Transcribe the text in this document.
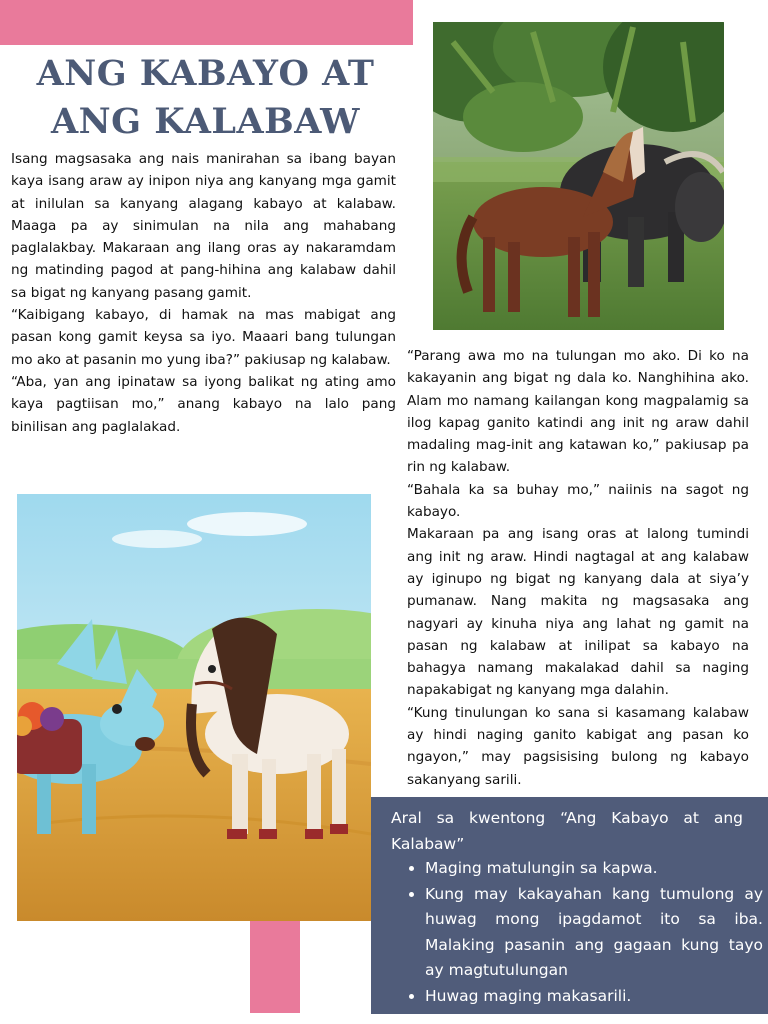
ANG KABAYO AT
ANG KALABAW

Isang magsasaka ang nais manirahan sa ibang bayan kaya isang araw ay inipon niya ang kanyang mga gamit at inilulan sa kanyang alagang kabayo at kalabaw. Maaga pa ay sinimulan na nila ang mahabang paglalakbay. Makaraan ang ilang oras ay nakaramdam ng matinding pagod at pang-hihina ang kalabaw dahil sa bigat ng kanyang pasang gamit.

“Kaibigang kabayo, di hamak na mas mabigat ang pasan kong gamit keysa sa iyo. Maaari bang tulungan mo ako at pasanin mo yung iba?” pakiusap ng kalabaw.

“Aba, yan ang ipinataw sa iyong balikat ng ating amo kaya pagtiisan mo,” anang kabayo na lalo pang binilisan ang paglalakad.

“Parang awa mo na tulungan mo ako. Di ko na kakayanin ang bigat ng dala ko. Nanghihina ako. Alam mo namang kailangan kong magpalamig sa ilog kapag ganito katindi ang init ng araw dahil madaling mag-init ang katawan ko,” pakiusap pa rin ng kalabaw.

“Bahala ka sa buhay mo,” naiinis na sagot ng kabayo.

Makaraan pa ang isang oras at lalong tumindi ang init ng araw. Hindi nagtagal at ang kalabaw ay iginupo ng bigat ng kanyang dala at siya’y pumanaw. Nang makita ng magsasaka ang nagyari ay kinuha niya ang lahat ng gamit na pasan ng kalabaw at inilipat sa kabayo na bahagya namang makalakad dahil sa naging napakabigat ng kanyang mga dalahin.

“Kung tinulungan ko sana si kasamang kalabaw ay hindi naging ganito kabigat ang pasan ko ngayon,” may pagsisising bulong ng kabayo sakanyang sarili.

Aral sa kwentong “Ang Kabayo at ang Kalabaw”
• Maging matulungin sa kapwa.
• Kung may kakayahan kang tumulong ay huwag mong ipagdamot ito sa iba. Malaking pasanin ang gagaan kung tayo ay magtutulungan
• Huwag maging makasarili.
